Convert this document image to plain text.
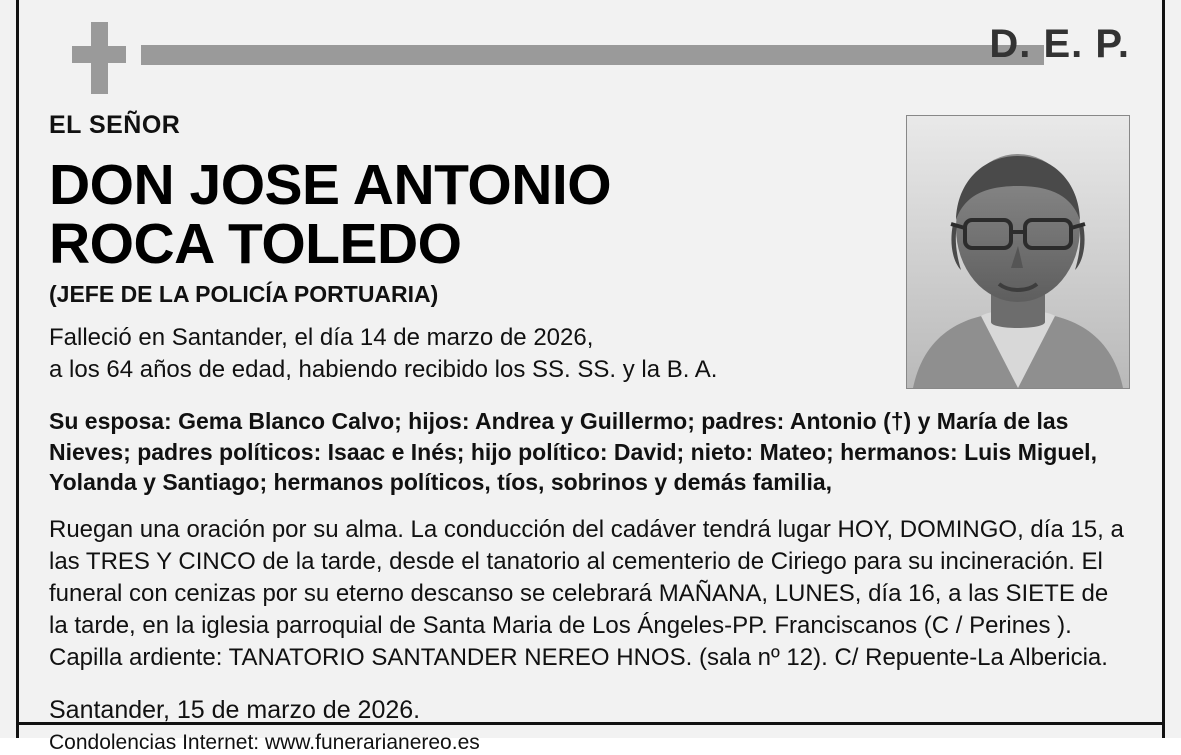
D. E. P.
EL SEÑOR
DON JOSE ANTONIO ROCA TOLEDO
(JEFE DE LA POLICÍA PORTUARIA)
Falleció en Santander, el día 14 de marzo de 2026,
a los 64 años de edad, habiendo recibido los SS. SS. y la B. A.
Su esposa: Gema Blanco Calvo; hijos: Andrea y Guillermo; padres: Antonio (†) y María de las Nieves; padres políticos: Isaac e Inés; hijo político: David; nieto: Mateo; hermanos: Luis Miguel, Yolanda y Santiago; hermanos políticos, tíos, sobrinos y demás familia,
Ruegan una oración por su alma. La conducción del cadáver tendrá lugar HOY, DOMINGO, día 15, a las TRES Y CINCO de la tarde, desde el tanatorio al cementerio de Ciriego para su incineración. El funeral con cenizas por su eterno descanso se celebrará MAÑANA, LUNES, día 16, a las SIETE de la tarde, en la iglesia parroquial de Santa Maria de Los Ángeles-PP. Franciscanos (C / Perines ). Capilla ardiente: TANATORIO SANTANDER NEREO HNOS. (sala nº 12). C/ Repuente-La Albericia.
Santander, 15 de marzo de 2026.
Condolencias Internet: www.funerarianereo.es
